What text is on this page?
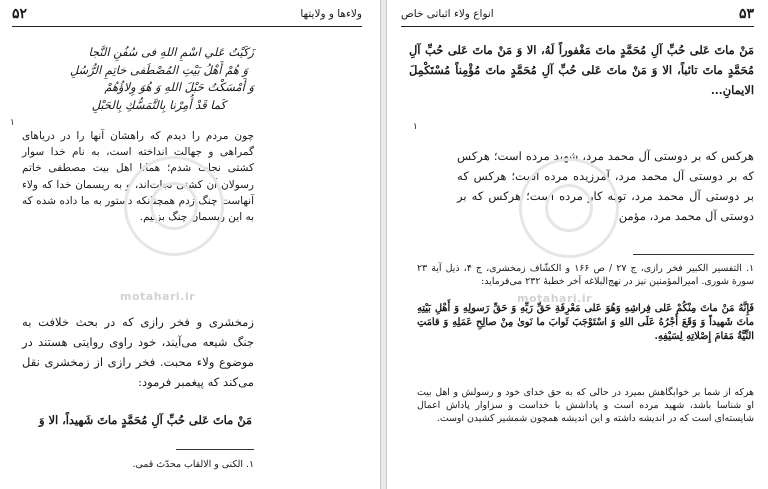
۵۲	ولاءها و ولايتها
زَكَيْتُ عَلي اسْمِ اللهِ فى سُفُنِ النَّجا
وَ هُمْ أَهْلُ بَيْتِ المُصْطَفى خاتِمِ الرُّسُلِ
وَ أَمْسَكْتُ حَبْلَ اللهِ وَ هُوَ وِلاؤُهُمْ
كَما قَدْ أُمِرْنا بِالتَّمَسُّكِ بِالحَبْلِ
١
چون مردم را دیدم که راهشان آنها را در دریاهای گمراهی و جهالت انداخته است، به نام خدا سوار کشتی نجات شدم؛ همانا اهل بیت مصطفی خاتم رسولان آن کشتی نجات‌اند، و به ریسمان خدا که ولاء آنهاست چنگ زدم همچنانکه دستور به ما داده شده که به این ریسمان چنگ بزنیم.
زمخشری و فخر رازی که در بحث خلافت به جنگ شیعه می‌آیند، خود راوی روایتی هستند در موضوع ولاء محبت. فخر رازی از زمخشری نقل می‌کند که پیغمبر فرمود:
مَنْ ماتَ عَلى حُبِّ آلِ مُحَمَّدٍ ماتَ شَهيداً، الا وَ
١. الكنى و الالقاب محدّث قمى.
motahari.ir
۵۳
انواع ولاء اثباتی خاص
مَنْ ماتَ عَلى حُبِّ آلِ مُحَمَّدٍ ماتَ مَغْفوراً لَهُ، الا وَ مَنْ ماتَ عَلى حُبِّ آلِ مُحَمَّدٍ ماتَ تائباً، الا وَ مَنْ ماتَ عَلى حُبِّ آلِ مُحَمَّدٍ ماتَ مُؤْمِناً مُسْتَكْمِلَ الايمانِ...
١
هرکس که بر دوستی آل محمد مرد، شهید مرده است؛ هرکس که بر دوستی آل محمد مرد، آمرزیده مرده است؛ هرکس که بر دوستی آل محمد مرد، توبه کار مرده است؛ هرکس که بر دوستی آل محمد مرد، مؤمن
١. التفسير الكبير فخر رازى، ج ٢٧ / ص ١۶۶ و الكشّاف زمخشرى، ج ۴، ذيل آية ٢٣ سورة شورى. اميرالمؤمنين نيز در نهج‌البلاغه آخر خطبهٔ ٢٣٢ مى‌فرمايد:
فَإِنَّهُ مَنْ ماتَ مِنْكُمْ عَلى فِراشِهِ وَهُوَ عَلى مَعْرِفَةِ حَقِّ رَبِّهِ وَ حَقِّ رَسولِهِ وَ أَهْلِ بَيْتِهِ ماتَ شَهيداً وَ وَقَعَ أَجْرُهُ عَلَى اللهِ وَ اسْتَوْجَبَ ثَوابَ ما نَوىٰ مِنْ صالِحِ عَمَلِهِ وَ قامَتِ النِّيَّةُ مَقامَ إِصْلاتِهِ لِسَيْفِهِ.
هرکه از شما بر خوابگاهش بمیرد در حالی که به حق خدای خود و رسولش و اهل بیت او شناسا باشد، شهید مرده است و پاداشش با خداست و سزاوار پاداش اعمال شایسته‌ای است که در اندیشه داشته و این اندیشه همچون شمشیر کشیدن اوست.
motahari.ir
